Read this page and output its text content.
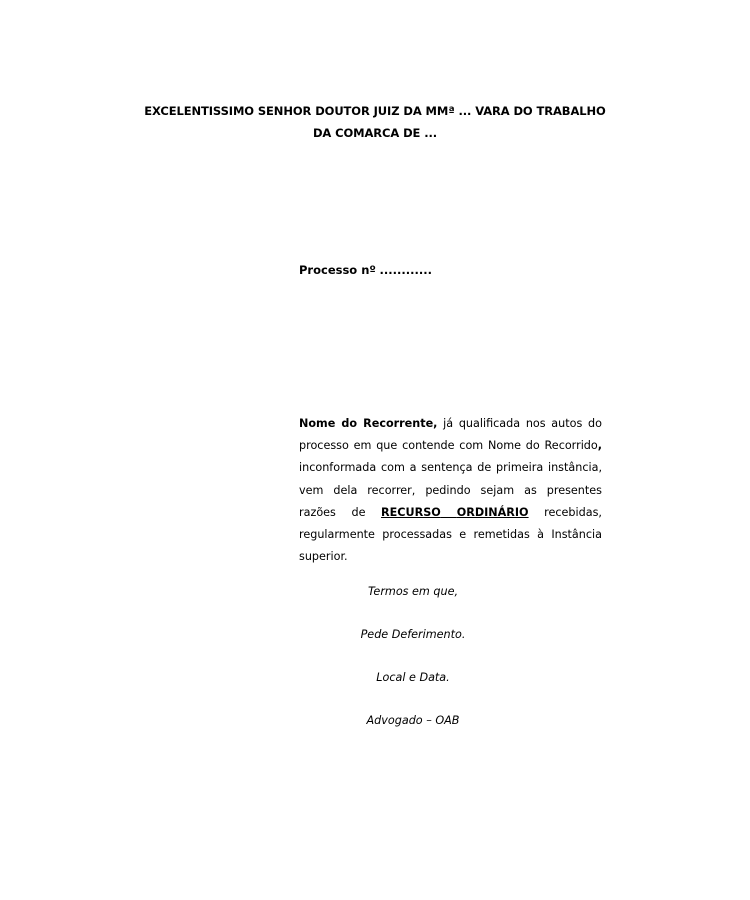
EXCELENTISSIMO SENHOR DOUTOR JUIZ DA MMª ... VARA DO TRABALHO
DA COMARCA DE ...
Processo nº ............
Nome do Recorrente, já qualificada nos autos do processo em que contende com Nome do Recorrido, inconformada com a sentença de primeira instância, vem dela recorrer, pedindo sejam as presentes razões de RECURSO ORDINÁRIO recebidas, regularmente processadas e remetidas à Instância superior.
Termos em que,
Pede Deferimento.
Local e Data.
Advogado – OAB
